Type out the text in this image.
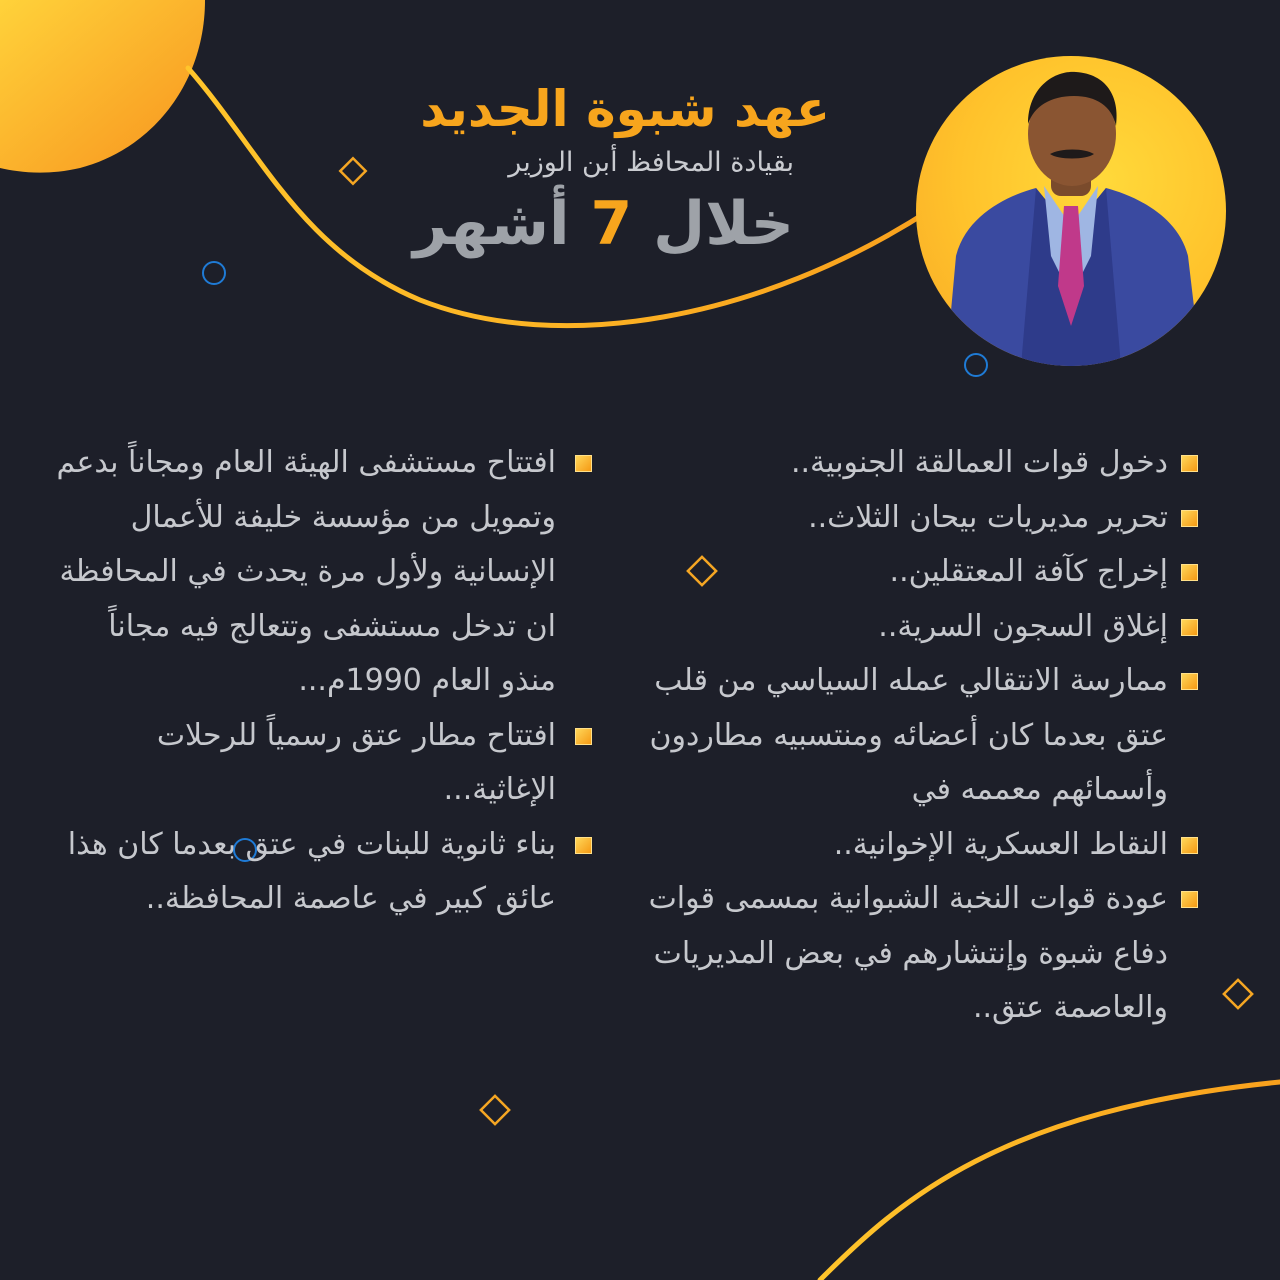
عهد شبوة الجديد
بقيادة المحافظ أبن الوزير
خلال 7 أشهر
دخول قوات العمالقة الجنوبية..
تحرير مديريات بيحان الثلاث..
إخراج كآفة المعتقلين..
إغلاق السجون السرية..
ممارسة الانتقالي عمله السياسي من قلب عتق بعدما كان أعضائه ومنتسبيه مطاردون وأسمائهم معممه في
النقاط العسكرية الإخوانية..
عودة قوات النخبة الشبوانية بمسمى قوات دفاع شبوة وإنتشارهم في بعض المديريات والعاصمة عتق..
افتتاح مستشفى الهيئة العام ومجاناً بدعم وتمويل من مؤسسة خليفة للأعمال الإنسانية ولأول مرة يحدث في المحافظة ان تدخل مستشفى وتتعالج فيه مجاناً منذو العام 1990م...
افتتاح مطار عتق رسمياً للرحلات الإغاثية...
بناء ثانوية للبنات في عتق بعدما كان هذا عائق كبير في عاصمة المحافظة..
